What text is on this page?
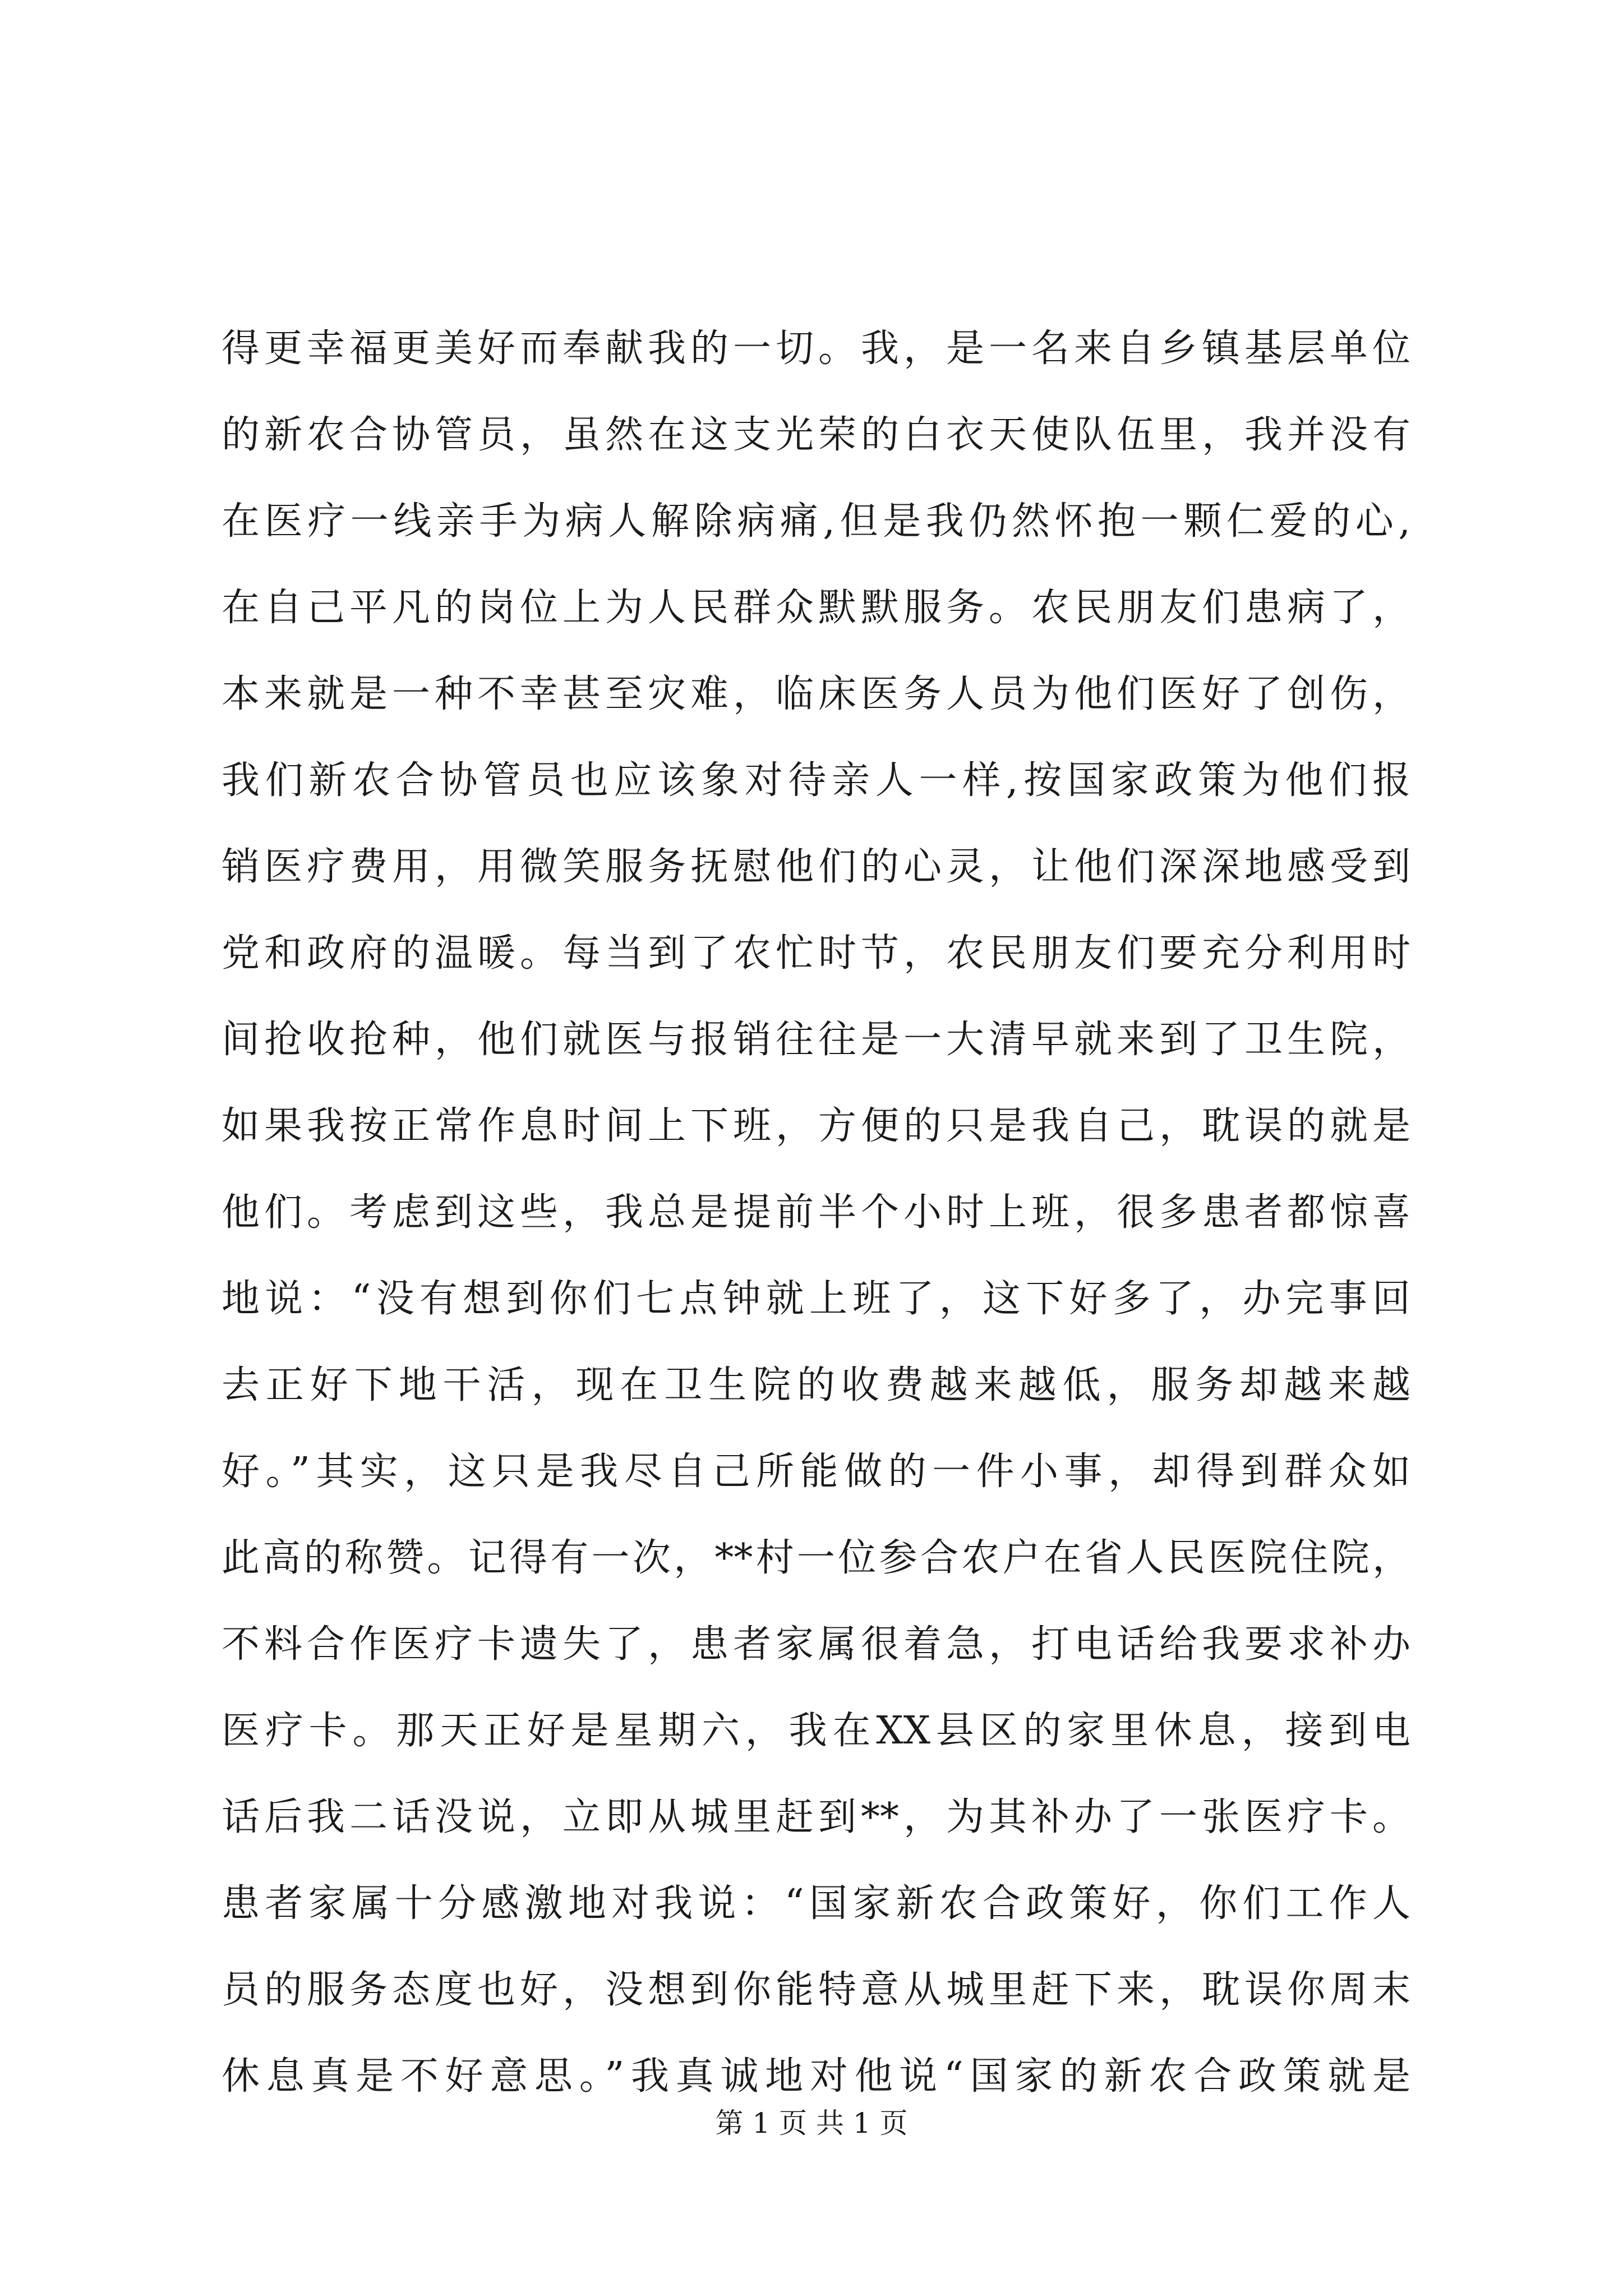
得更幸福更美好而奉献我的一切。我，是一名来自乡镇基层单位
的新农合协管员，虽然在这支光荣的白衣天使队伍里，我并没有
在医疗一线亲手为病人解除病痛,但是我仍然怀抱一颗仁爱的心,
在自己平凡的岗位上为人民群众默默服务。农民朋友们患病了，
本来就是一种不幸甚至灾难，临床医务人员为他们医好了创伤，
我们新农合协管员也应该象对待亲人一样,按国家政策为他们报
销医疗费用，用微笑服务抚慰他们的心灵，让他们深深地感受到
党和政府的温暖。每当到了农忙时节，农民朋友们要充分利用时
间抢收抢种，他们就医与报销往往是一大清早就来到了卫生院，
如果我按正常作息时间上下班，方便的只是我自己，耽误的就是
他们。考虑到这些，我总是提前半个小时上班，很多患者都惊喜
地说：“没有想到你们七点钟就上班了，这下好多了，办完事回
去正好下地干活，现在卫生院的收费越来越低，服务却越来越
好。”其实，这只是我尽自己所能做的一件小事，却得到群众如
此高的称赞。记得有一次，**村一位参合农户在省人民医院住院，
不料合作医疗卡遗失了，患者家属很着急，打电话给我要求补办
医疗卡。那天正好是星期六，我在XX县区的家里休息，接到电
话后我二话没说，立即从城里赶到**，为其补办了一张医疗卡。
患者家属十分感激地对我说：“国家新农合政策好，你们工作人
员的服务态度也好，没想到你能特意从城里赶下来，耽误你周末
休息真是不好意思。”我真诚地对他说“国家的新农合政策就是
第 1 页 共 1 页
